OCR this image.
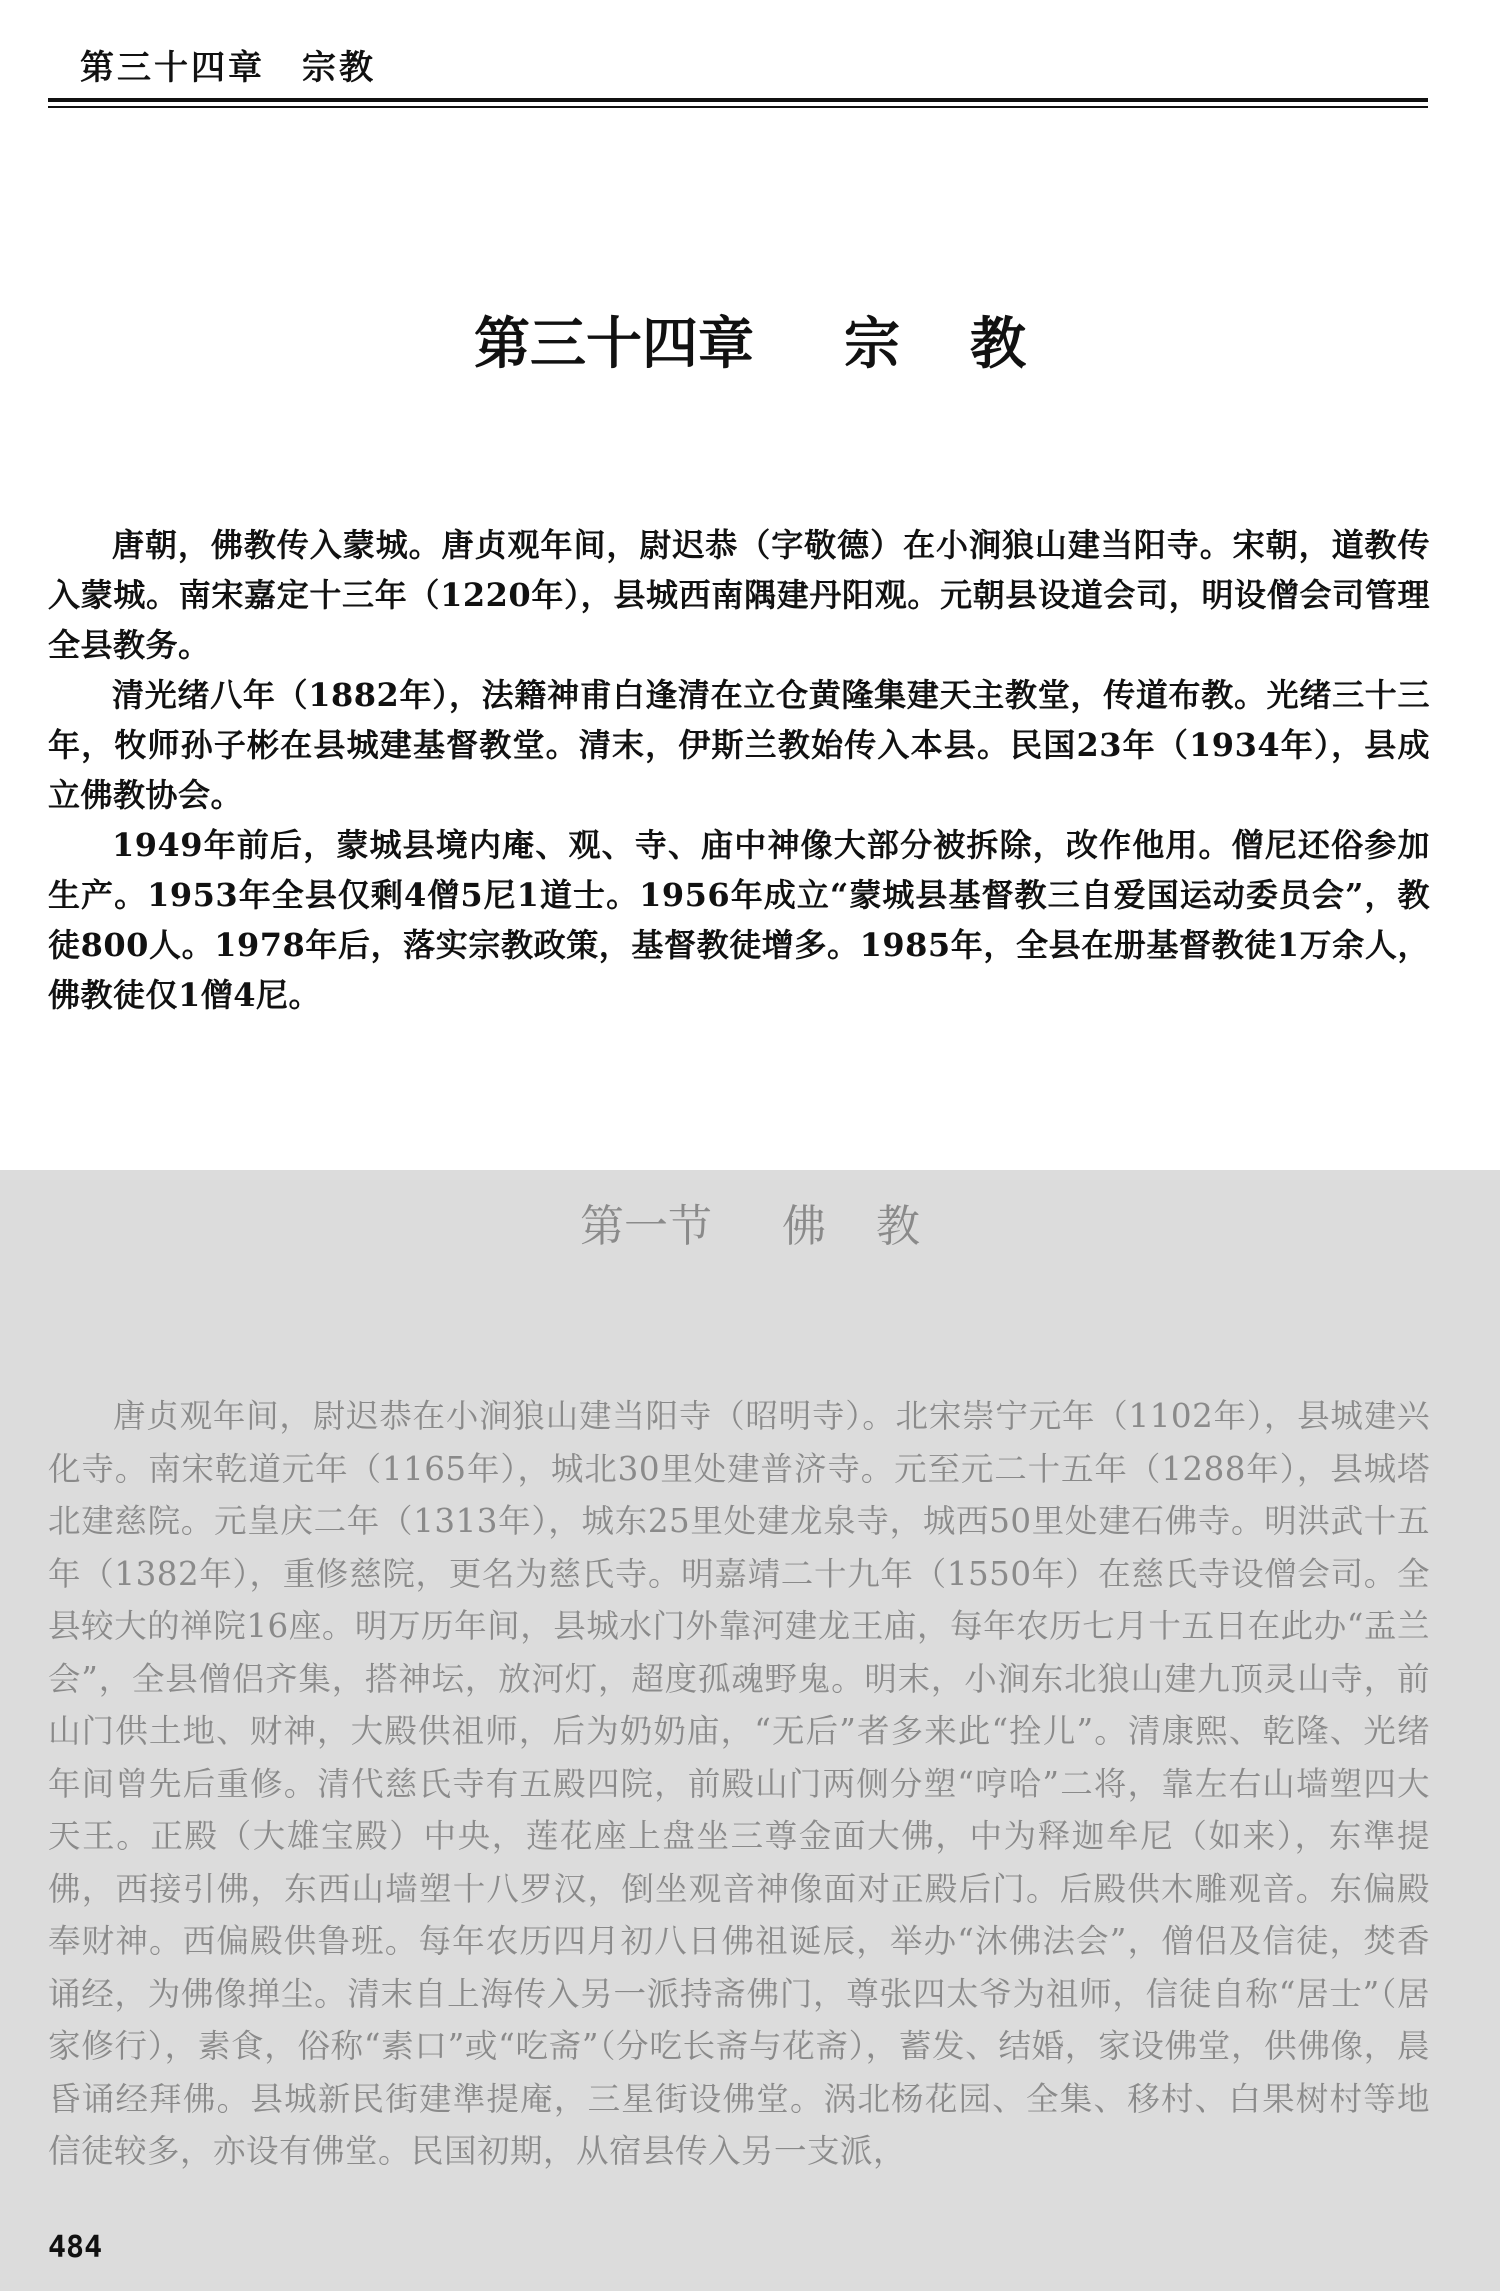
第三十四章　宗教
第三十四章 宗 教

唐朝，佛教传入蒙城。唐贞观年间，尉迟恭（字敬德）在小涧狼山建当阳寺。宋朝，道教传入蒙城。南宋嘉定十三年（1220年），县城西南隅建丹阳观。元朝县设道会司，明设僧会司管理全县教务。

清光绪八年（1882年），法籍神甫白逢清在立仓黄隆集建天主教堂，传道布教。光绪三十三年，牧师孙子彬在县城建基督教堂。清末，伊斯兰教始传入本县。民国23年（1934年），县成立佛教协会。

1949年前后，蒙城县境内庵、观、寺、庙中神像大部分被拆除，改作他用。僧尼还俗参加生产。1953年全县仅剩4僧5尼1道士。1956年成立“蒙城县基督教三自爱国运动委员会”，教徒800人。1978年后，落实宗教政策，基督教徒增多。1985年，全县在册基督教徒1万余人，佛教徒仅1僧4尼。

第一节 佛 教

唐贞观年间，尉迟恭在小涧狼山建当阳寺（昭明寺）。北宋崇宁元年（1102年），县城建兴化寺。南宋乾道元年（1165年），城北30里处建普济寺。元至元二十五年（1288年），县城塔北建慈院。元皇庆二年（1313年），城东25里处建龙泉寺，城西50里处建石佛寺。明洪武十五年（1382年），重修慈院，更名为慈氏寺。明嘉靖二十九年（1550年）在慈氏寺设僧会司。全县较大的禅院16座。明万历年间，县城水门外靠河建龙王庙，每年农历七月十五日在此办“盂兰会”，全县僧侣齐集，搭神坛，放河灯，超度孤魂野鬼。明末，小涧东北狼山建九顶灵山寺，前山门供土地、财神，大殿供祖师，后为奶奶庙，“无后”者多来此“拴儿”。清康熙、乾隆、光绪年间曾先后重修。清代慈氏寺有五殿四院，前殿山门两侧分塑“哼哈”二将，靠左右山墙塑四大天王。正殿（大雄宝殿）中央，莲花座上盘坐三尊金面大佛，中为释迦牟尼（如来），东準提佛，西接引佛，东西山墙塑十八罗汉，倒坐观音神像面对正殿后门。后殿供木雕观音。东偏殿奉财神。西偏殿供鲁班。每年农历四月初八日佛祖诞辰，举办“沐佛法会”，僧侣及信徒，焚香诵经，为佛像掸尘。清末自上海传入另一派持斋佛门，尊张四太爷为祖师，信徒自称“居士”（居家修行），素食，俗称“素口”或“吃斋”（分吃长斋与花斋），蓄发、结婚，家设佛堂，供佛像，晨昏诵经拜佛。县城新民街建準提庵，三星街设佛堂。涡北杨花园、全集、移村、白果树村等地信徒较多，亦设有佛堂。民国初期，从宿县传入另一支派，

484
